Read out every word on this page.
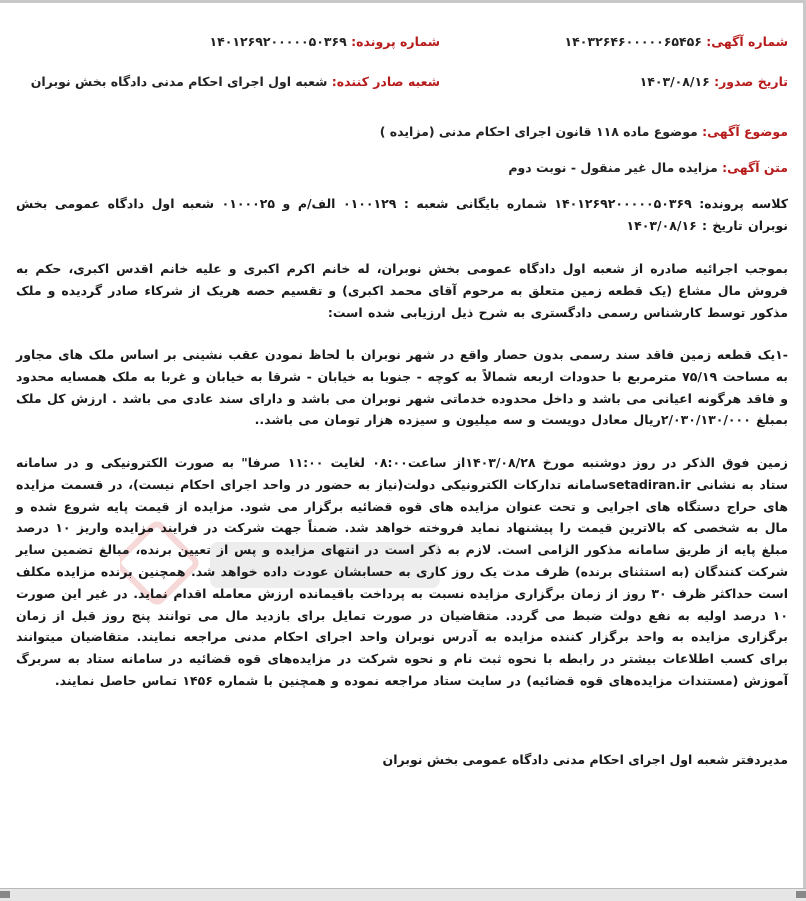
شماره آگهی: ۱۴۰۳۲۶۴۶۰۰۰۰۰۶۵۴۵۶
شماره پرونده: ۱۴۰۱۲۶۹۲۰۰۰۰۰۵۰۳۶۹
تاریخ صدور: ۱۴۰۳/۰۸/۱۶
شعبه صادر کننده: شعبه اول اجرای احکام مدنی دادگاه بخش نوبران
موضوع آگهی: موضوع ماده ۱۱۸ قانون اجرای احکام مدنی (مزایده )
متن آگهی: مزایده مال غیر منقول - نوبت دوم
کلاسه پرونده: ۱۴۰۱۲۶۹۲۰۰۰۰۰۵۰۳۶۹ شماره بایگانی شعبه : ۰۱۰۰۱۲۹ الف/م و ۰۱۰۰۰۲۵ شعبه اول دادگاه عمومی بخش نوبران تاریخ : ۱۴۰۳/۰۸/۱۶
بموجب اجرائیه صادره از شعبه اول دادگاه عمومی بخش نوبران، له خانم اکرم اکبری و علیه خانم اقدس اکبری، حکم به فروش مال مشاع (یک قطعه زمین متعلق به مرحوم آقای محمد اکبری) و تقسیم حصه هریک از شرکاء صادر گردیده و ملک مذکور توسط کارشناس رسمی دادگستری به شرح ذیل ارزیابی شده است:
-۱یک قطعه زمین فاقد سند رسمی بدون حصار واقع در شهر نوبران با لحاظ نمودن عقب نشینی بر اساس ملک های مجاور به مساحت ۷۵/۱۹ مترمربع با حدودات اربعه شمالاً به کوچه - جنوبا به خیابان - شرقا به خیابان و غربا به ملک همسایه محدود و فاقد هرگونه اعیانی می باشد و داخل محدوده خدماتی شهر نوبران می باشد و دارای سند عادی می باشد . ارزش کل ملک بمبلغ ۲/۰۳۰/۱۳۰/۰۰۰ریال معادل دویست و سه میلیون و سیزده هزار تومان می باشد..
زمین فوق الذکر در روز دوشنبه مورخ ۱۴۰۳/۰۸/۲۸از ساعت۰۸:۰۰ لغایت ۱۱:۰۰ صرفا" به صورت الکترونیکی و در سامانه ستاد به نشانی setadiran.irسامانه تدارکات الکترونیکی دولت(نیاز به حضور در واحد اجرای احکام نیست)، در قسمت مزایده های حراج دستگاه های اجرایی و تحت عنوان مزایده های قوه قضائیه برگزار می شود. مزایده از قیمت پایه شروع شده و مال به شخصی که بالاترین قیمت را پیشنهاد نماید فروخته خواهد شد. ضمناً جهت شرکت در فرایند مزایده واریز ۱۰ درصد مبلغ پایه از طریق سامانه مذکور الزامی است. لازم به ذکر است در انتهای مزایده و پس از تعیین برنده، مبالغ تضمین سایر شرکت کنندگان (به استثنای برنده) ظرف مدت یک روز کاری به حسابشان عودت داده خواهد شد. همچنین برنده مزایده مکلف است حداکثر ظرف ۳۰ روز از زمان برگزاری مزایده نسبت به پرداخت باقیمانده ارزش معامله اقدام نماید. در غیر این صورت ۱۰ درصد اولیه به نفع دولت ضبط می گردد. متقاضیان در صورت تمایل برای بازدید مال می توانند پنج روز قبل از زمان برگزاری مزایده به واحد برگزار کننده مزایده به آدرس نوبران واحد اجرای احکام مدنی مراجعه نمایند. متقاضیان میتوانند برای کسب اطلاعات بیشتر در رابطه با نحوه ثبت نام و نحوه شرکت در مزایده‌های قوه قضائیه در سامانه ستاد به سربرگ آموزش (مستندات مزایده‌های قوه قضائیه) در سایت ستاد مراجعه نموده و همچنین با شماره ۱۴۵۶ تماس حاصل نمایند.
مدیردفتر شعبه اول اجرای احکام مدنی دادگاه عمومی بخش نوبران
